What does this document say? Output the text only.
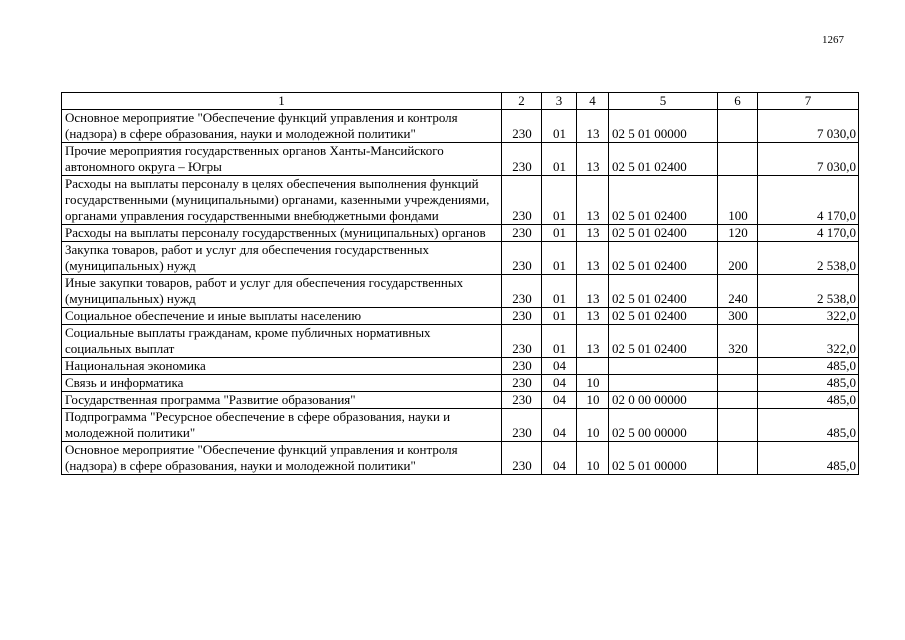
1267
1	2	3	4	5	6	7
Основное мероприятие "Обеспечение функций управления и контроля (надзора) в сфере образования, науки и молодежной политики"	230	01	13	02 5 01 00000		7 030,0
Прочие мероприятия государственных органов Ханты-Мансийского автономного округа – Югры	230	01	13	02 5 01 02400		7 030,0
Расходы на выплаты персоналу в целях обеспечения выполнения функций государственными (муниципальными) органами, казенными учреждениями, органами управления государственными внебюджетными фондами	230	01	13	02 5 01 02400	100	4 170,0
Расходы на выплаты персоналу государственных (муниципальных) органов	230	01	13	02 5 01 02400	120	4 170,0
Закупка товаров, работ и услуг для обеспечения государственных (муниципальных) нужд	230	01	13	02 5 01 02400	200	2 538,0
Иные закупки товаров, работ и услуг для обеспечения государственных (муниципальных) нужд	230	01	13	02 5 01 02400	240	2 538,0
Социальное обеспечение и иные выплаты населению	230	01	13	02 5 01 02400	300	322,0
Социальные выплаты гражданам, кроме публичных нормативных социальных выплат	230	01	13	02 5 01 02400	320	322,0
Национальная экономика	230	04				485,0
Связь и информатика	230	04	10			485,0
Государственная программа "Развитие образования"	230	04	10	02 0 00 00000		485,0
Подпрограмма "Ресурсное обеспечение в сфере образования, науки и молодежной политики"	230	04	10	02 5 00 00000		485,0
Основное мероприятие "Обеспечение функций управления и контроля (надзора) в сфере образования, науки и молодежной политики"	230	04	10	02 5 01 00000		485,0
